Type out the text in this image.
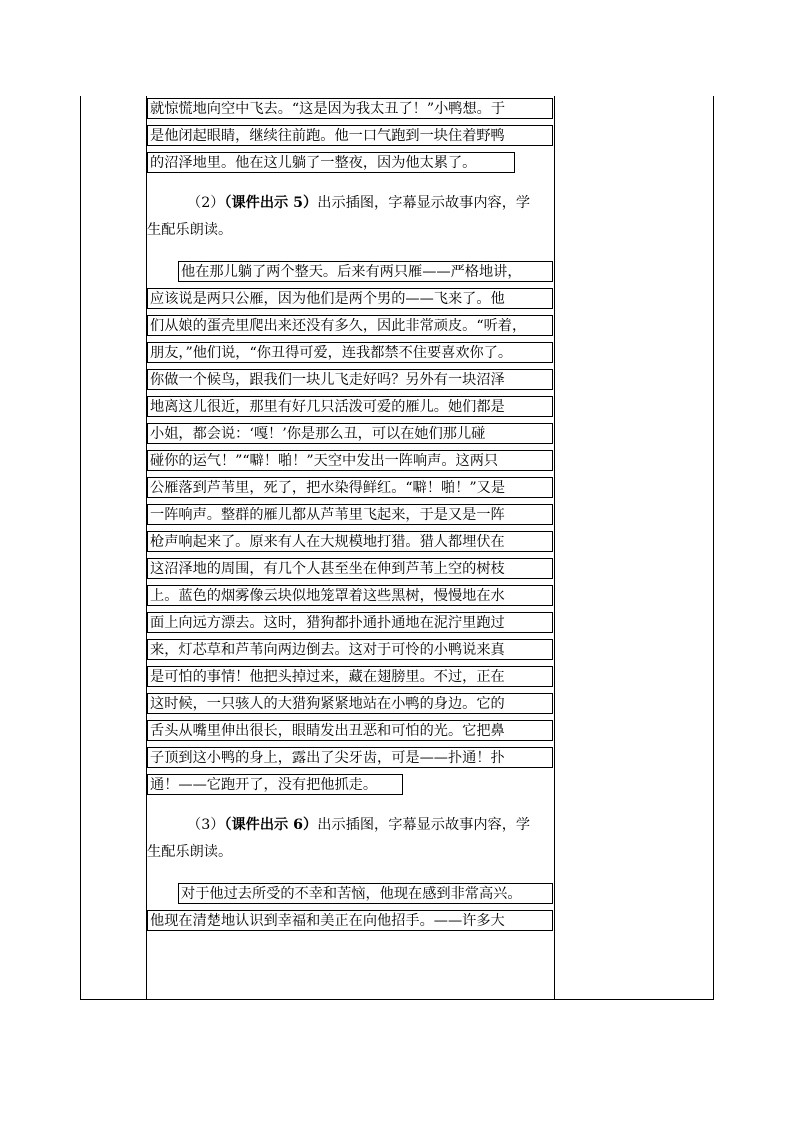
就惊慌地向空中飞去。“这是因为我太丑了！”小鸭想。于
是他闭起眼睛，继续往前跑。他一口气跑到一块住着野鸭
的沼泽地里。他在这儿躺了一整夜，因为他太累了。
（2）（课件出示 5）出示插图，字幕显示故事内容，学
生配乐朗读。
他在那儿躺了两个整天。后来有两只雁——严格地讲，
应该说是两只公雁，因为他们是两个男的——飞来了。他
们从娘的蛋壳里爬出来还没有多久，因此非常顽皮。“听着，
朋友，”他们说，“你丑得可爱，连我都禁不住要喜欢你了。
你做一个候鸟，跟我们一块儿飞走好吗？另外有一块沼泽
地离这儿很近，那里有好几只活泼可爱的雁儿。她们都是
小姐，都会说：‘嘎！’你是那么丑，可以在她们那儿碰
碰你的运气！”“噼！啪！”天空中发出一阵响声。这两只
公雁落到芦苇里，死了，把水染得鲜红。“噼！啪！”又是
一阵响声。整群的雁儿都从芦苇里飞起来，于是又是一阵
枪声响起来了。原来有人在大规模地打猎。猎人都埋伏在
这沼泽地的周围，有几个人甚至坐在伸到芦苇上空的树枝
上。蓝色的烟雾像云块似地笼罩着这些黑树，慢慢地在水
面上向远方漂去。这时，猎狗都扑通扑通地在泥泞里跑过
来，灯芯草和芦苇向两边倒去。这对于可怜的小鸭说来真
是可怕的事情！他把头掉过来，藏在翅膀里。不过，正在
这时候，一只骇人的大猎狗紧紧地站在小鸭的身边。它的
舌头从嘴里伸出很长，眼睛发出丑恶和可怕的光。它把鼻
子顶到这小鸭的身上，露出了尖牙齿，可是——扑通！扑
通！——它跑开了，没有把他抓走。
（3）（课件出示 6）出示插图，字幕显示故事内容，学
生配乐朗读。
对于他过去所受的不幸和苦恼，他现在感到非常高兴。
他现在清楚地认识到幸福和美正在向他招手。——许多大
